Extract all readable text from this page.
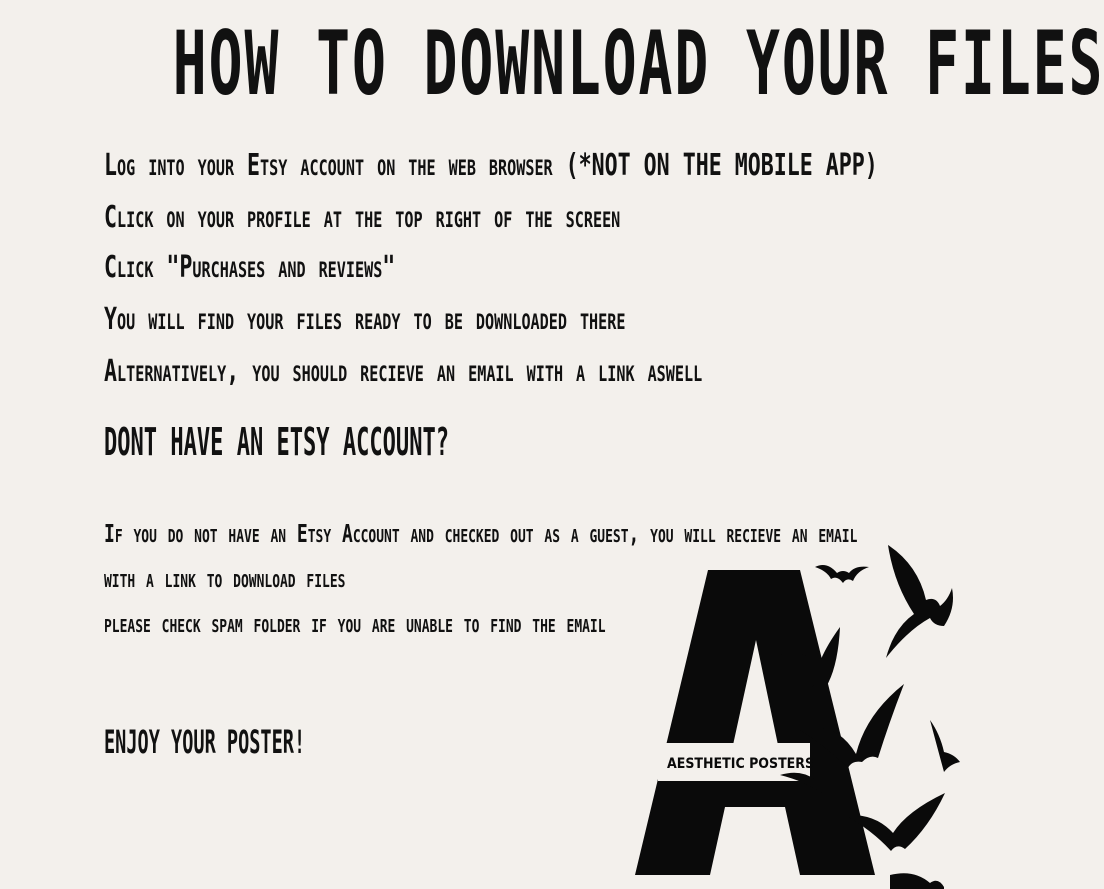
HOW TO DOWNLOAD YOUR FILES

Log into your Etsy account on the web browser (*NOT ON THE MOBILE APP)

Click on your profile at the top right of the screen

Click "Purchases and reviews"

You will find your files ready to be downloaded there

Alternatively, you should recieve an email with a link aswell

DONT HAVE AN ETSY ACCOUNT?

If you do not have an Etsy Account and checked out as a guest, you will recieve an email

with a link to download files

please check spam folder if you are unable to find the email

ENJOY YOUR POSTER!

AESTHETIC POSTERS
